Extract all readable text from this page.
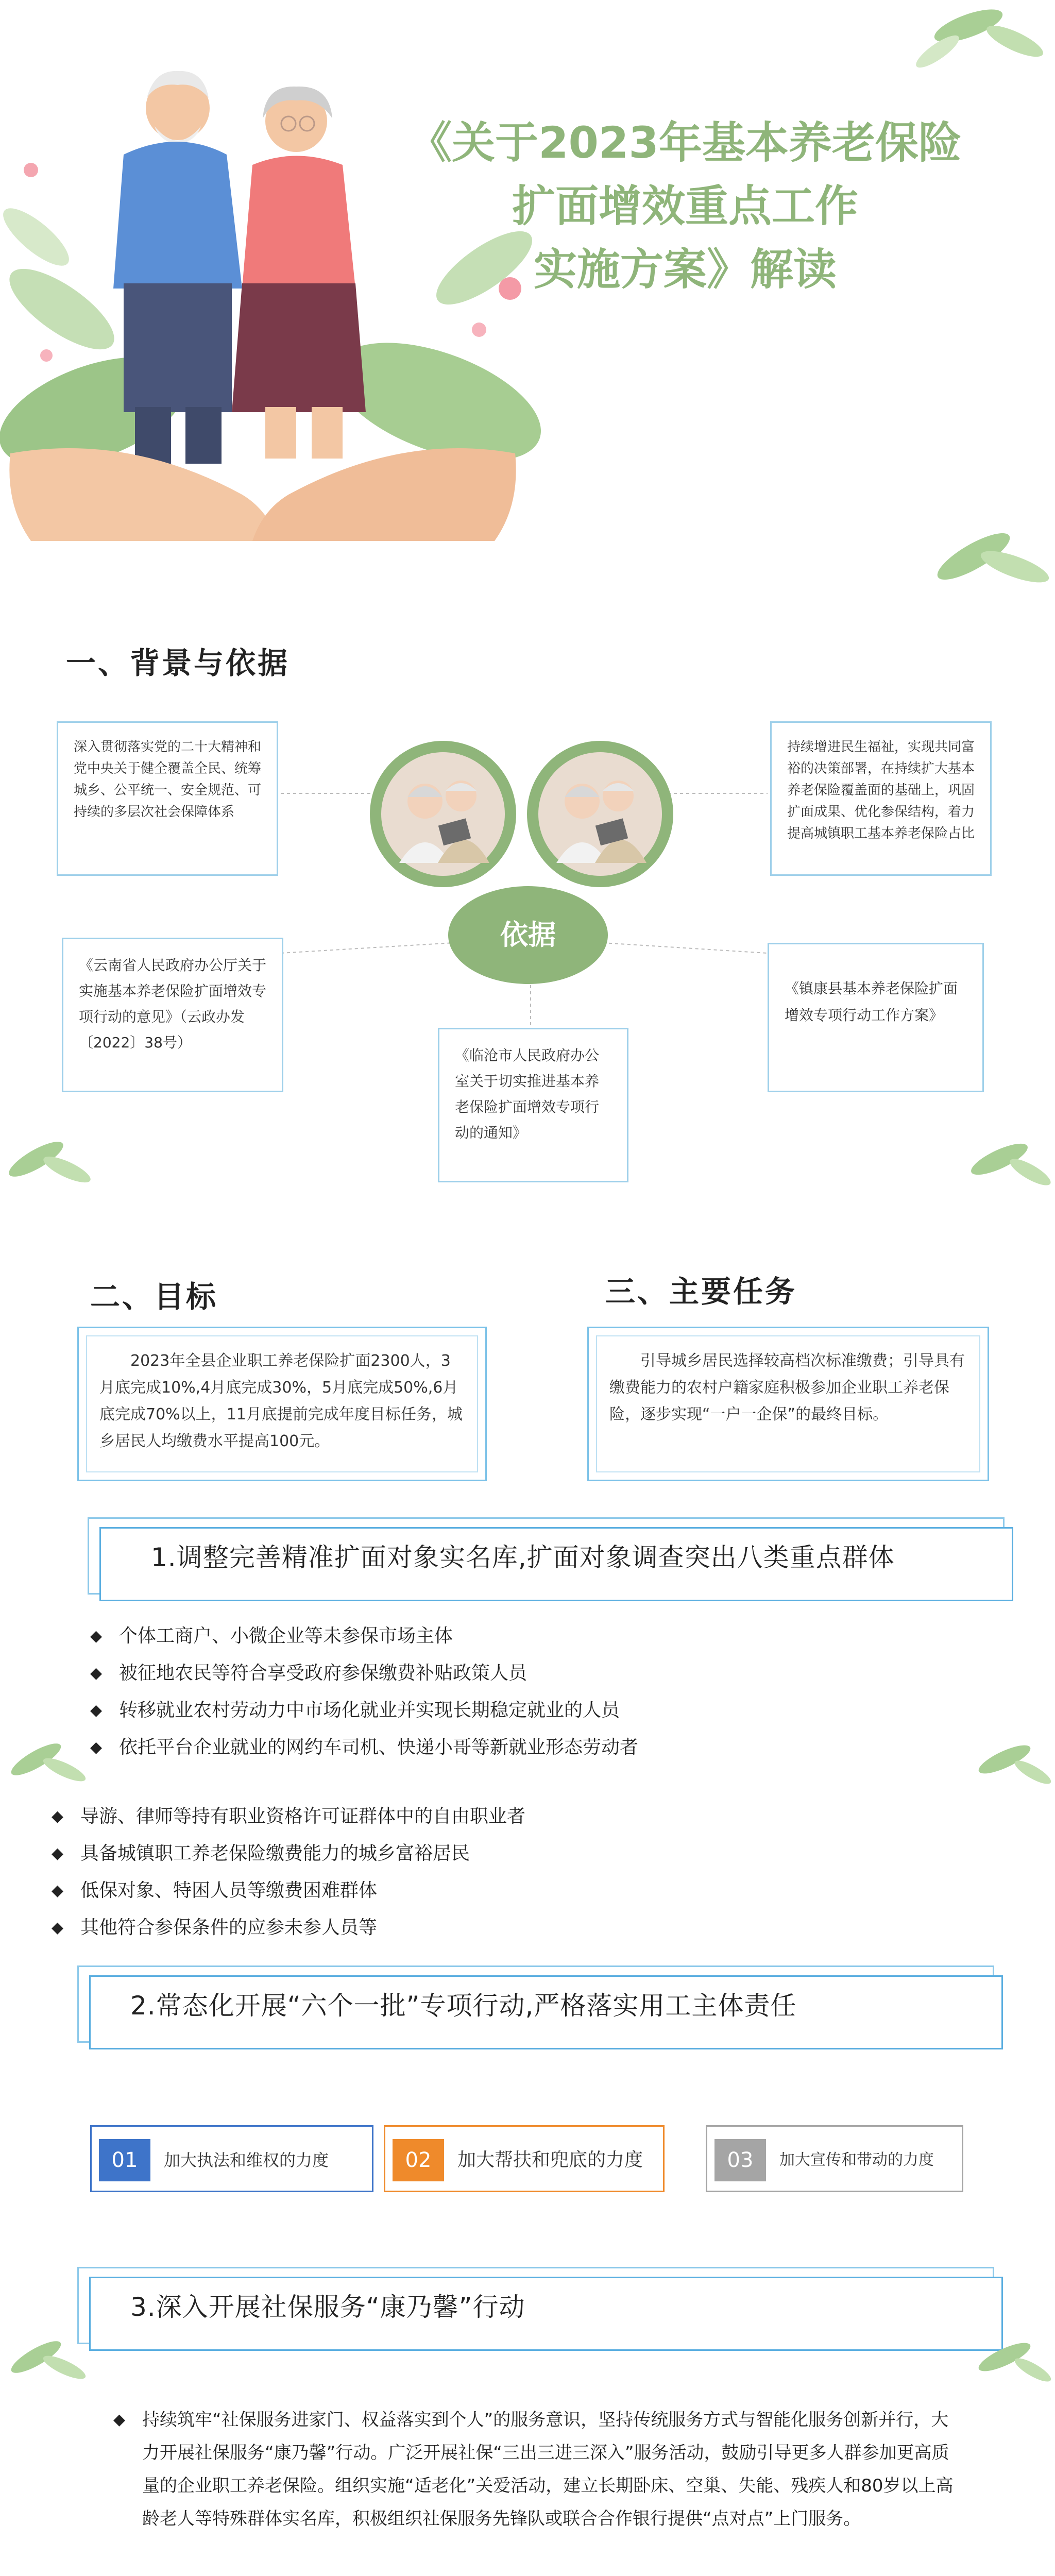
《关于2023年基本养老保险
扩面增效重点工作
实施方案》解读
一、背景与依据
依据
深入贯彻落实党的二十大精神和党中央关于健全覆盖全民、统筹城乡、公平统一、安全规范、可持续的多层次社会保障体系
持续增进民生福祉，实现共同富裕的决策部署，在持续扩大基本养老保险覆盖面的基础上，巩固扩面成果、优化参保结构，着力提高城镇职工基本养老保险占比
《云南省人民政府办公厅关于实施基本养老保险扩面增效专项行动的意见》（云政办发〔2022〕38号）
《临沧市人民政府办公室关于切实推进基本养老保险扩面增效专项行动的通知》
《镇康县基本养老保险扩面增效专项行动工作方案》
二、目标	三、主要任务
2023年全县企业职工养老保险扩面2300人，3月底完成10%,4月底完成30%，5月底完成50%,6月底完成70%以上，11月底提前完成年度目标任务，城乡居民人均缴费水平提高100元。
引导城乡居民选择较高档次标准缴费；引导具有缴费能力的农村户籍家庭积极参加企业职工养老保险，逐步实现“一户一企保”的最终目标。
1.调整完善精准扩面对象实名库,扩面对象调查突出八类重点群体
◆ 个体工商户、小微企业等未参保市场主体
◆ 被征地农民等符合享受政府参保缴费补贴政策人员
◆ 转移就业农村劳动力中市场化就业并实现长期稳定就业的人员
◆ 依托平台企业就业的网约车司机、快递小哥等新就业形态劳动者
◆ 导游、律师等持有职业资格许可证群体中的自由职业者
◆ 具备城镇职工养老保险缴费能力的城乡富裕居民
◆ 低保对象、特困人员等缴费困难群体
◆ 其他符合参保条件的应参未参人员等
2.常态化开展“六个一批”专项行动,严格落实用工主体责任
01	加大执法和维权的力度	02	加大帮扶和兜底的力度	03	加大宣传和带动的力度
3.深入开展社保服务“康乃馨”行动
◆ 持续筑牢“社保服务进家门、权益落实到个人”的服务意识，坚持传统服务方式与智能化服务创新并行，大力开展社保服务“康乃馨”行动。广泛开展社保“三出三进三深入”服务活动，鼓励引导更多人群参加更高质量的企业职工养老保险。组织实施“适老化”关爱活动，建立长期卧床、空巢、失能、残疾人和80岁以上高龄老人等特殊群体实名库，积极组织社保服务先锋队或联合合作银行提供“点对点”上门服务。
